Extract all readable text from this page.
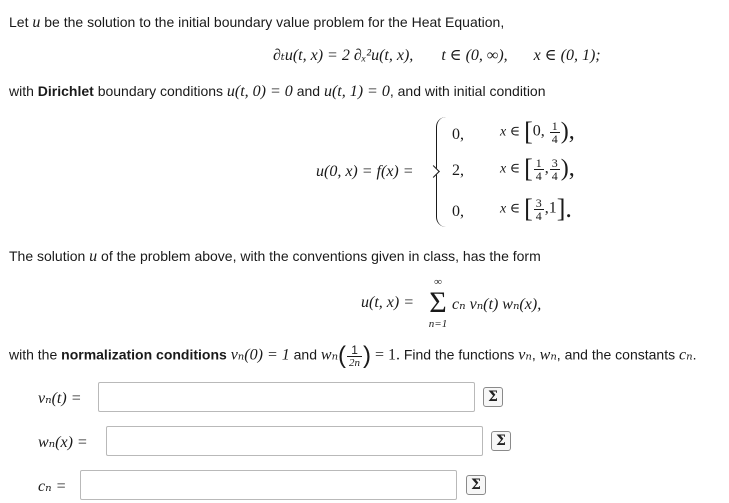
Let u be the solution to the initial boundary value problem for the Heat Equation,
∂ₜu(t, x) = 2 ∂ₓ²u(t, x), t ∈ (0, ∞), x ∈ (0, 1);
with Dirichlet boundary conditions u(t, 0) = 0 and u(t, 1) = 0, and with initial condition
u(0, x) = f(x) =
0,	x ∈ [0, $\frac{1}{4}$ ),
2,	x ∈ [ $\frac{1}{4}$ , $\frac{3}{4}$ ),
0,	x ∈ [ $\frac{3}{4} ,1$].
The solution u of the problem above, with the conventions given in class, has the form
u(t, x) =
∞
Σ
n=1
cₙ vₙ(t) wₙ(x),
with the normalization conditions vₙ(0) = 1 and $w_n( \frac{1}{2n}$ ) = 1. Find the functions vₙ, wₙ, and the constants cₙ.
vₙ(t) =	Σ
wₙ(x) =	Σ
cₙ =	Σ
